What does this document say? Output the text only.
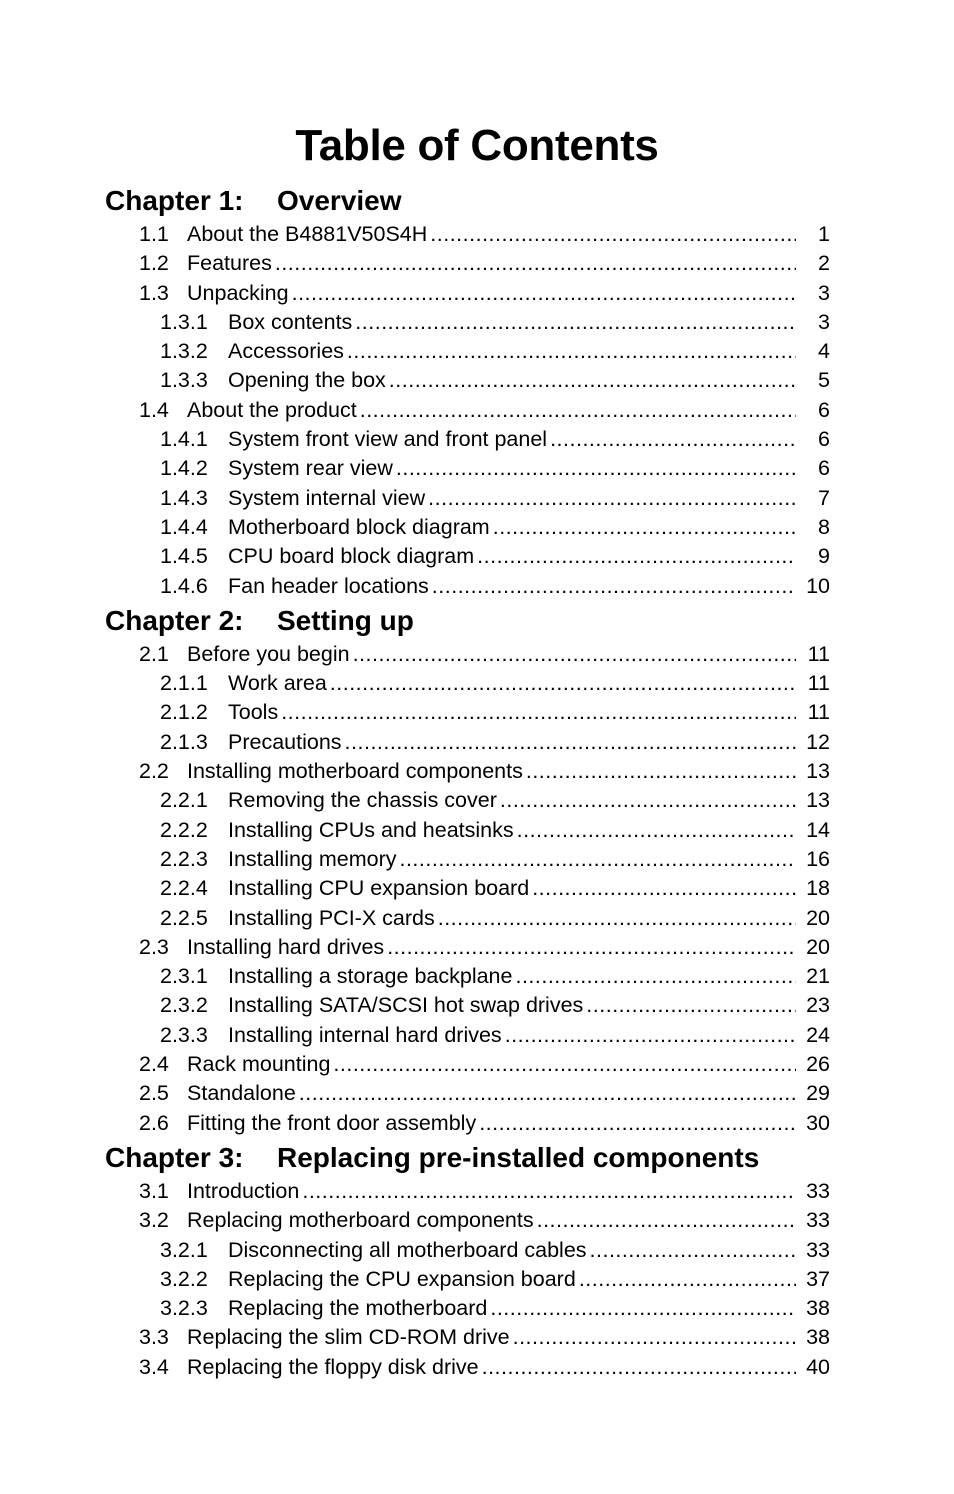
Table of Contents
Chapter 1: Overview
1.1 About the B4881V50S4H .....	1
1.2 Features .....	2
1.3 Unpacking .....	3
1.3.1 Box contents .....	3
1.3.2 Accessories .....	4
1.3.3 Opening the box .....	5
1.4 About the product .....	6
1.4.1 System front view and front panel .....	6
1.4.2 System rear view .....	6
1.4.3 System internal view .....	7
1.4.4 Motherboard block diagram .....	8
1.4.5 CPU board block diagram .....	9
1.4.6 Fan header locations .....	10
Chapter 2: Setting up
2.1 Before you begin .....	11
2.1.1 Work area .....	11
2.1.2 Tools .....	11
2.1.3 Precautions .....	12
2.2 Installing motherboard components .....	13
2.2.1 Removing the chassis cover .....	13
2.2.2 Installing CPUs and heatsinks .....	14
2.2.3 Installing memory .....	16
2.2.4 Installing CPU expansion board .....	18
2.2.5 Installing PCI-X cards .....	20
2.3 Installing hard drives .....	20
2.3.1 Installing a storage backplane .....	21
2.3.2 Installing SATA/SCSI hot swap drives .....	23
2.3.3 Installing internal hard drives .....	24
2.4 Rack mounting .....	26
2.5 Standalone .....	29
2.6 Fitting the front door assembly .....	30
Chapter 3: Replacing pre-installed components
3.1 Introduction .....	33
3.2 Replacing motherboard components .....	33
3.2.1 Disconnecting all motherboard cables .....	33
3.2.2 Replacing the CPU expansion board .....	37
3.2.3 Replacing the motherboard .....	38
3.3 Replacing the slim CD-ROM drive .....	38
3.4 Replacing the floppy disk drive .....	40
